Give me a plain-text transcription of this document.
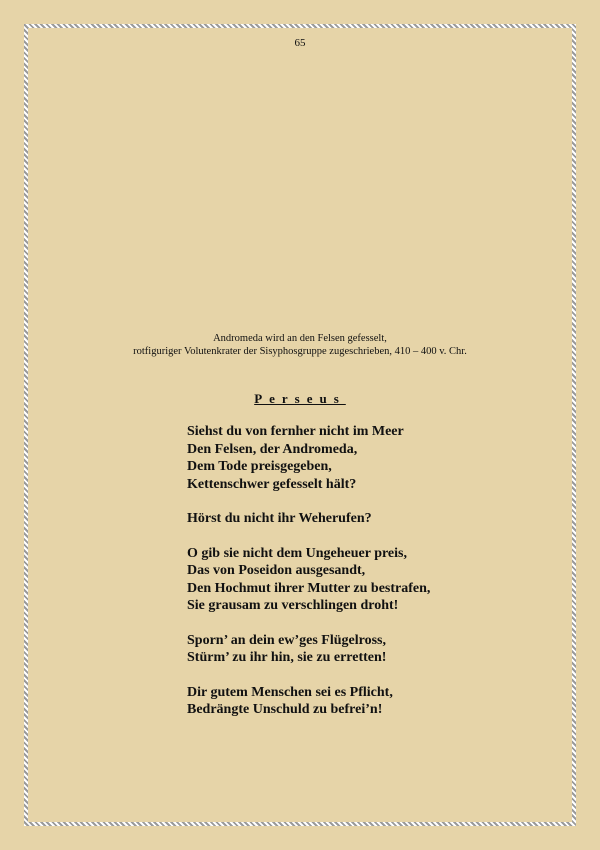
65
Andromeda wird an den Felsen gefesselt,
rotfiguriger Volutenkrater der Sisyphosgruppe zugeschrieben, 410 – 400 v. Chr.
Perseus
Siehst du von fernher nicht im Meer
Den Felsen, der Andromeda,
Dem Tode preisgegeben,
Kettenschwer gefesselt hält?
Hörst du nicht ihr Weherufen?
O gib sie nicht dem Ungeheuer preis,
Das von Poseidon ausgesandt,
Den Hochmut ihrer Mutter zu bestrafen,
Sie grausam zu verschlingen droht!
Sporn’ an dein ew’ges Flügelross,
Stürm’ zu ihr hin, sie zu erretten!
Dir gutem Menschen sei es Pflicht,
Bedrängte Unschuld zu befrei’n!
